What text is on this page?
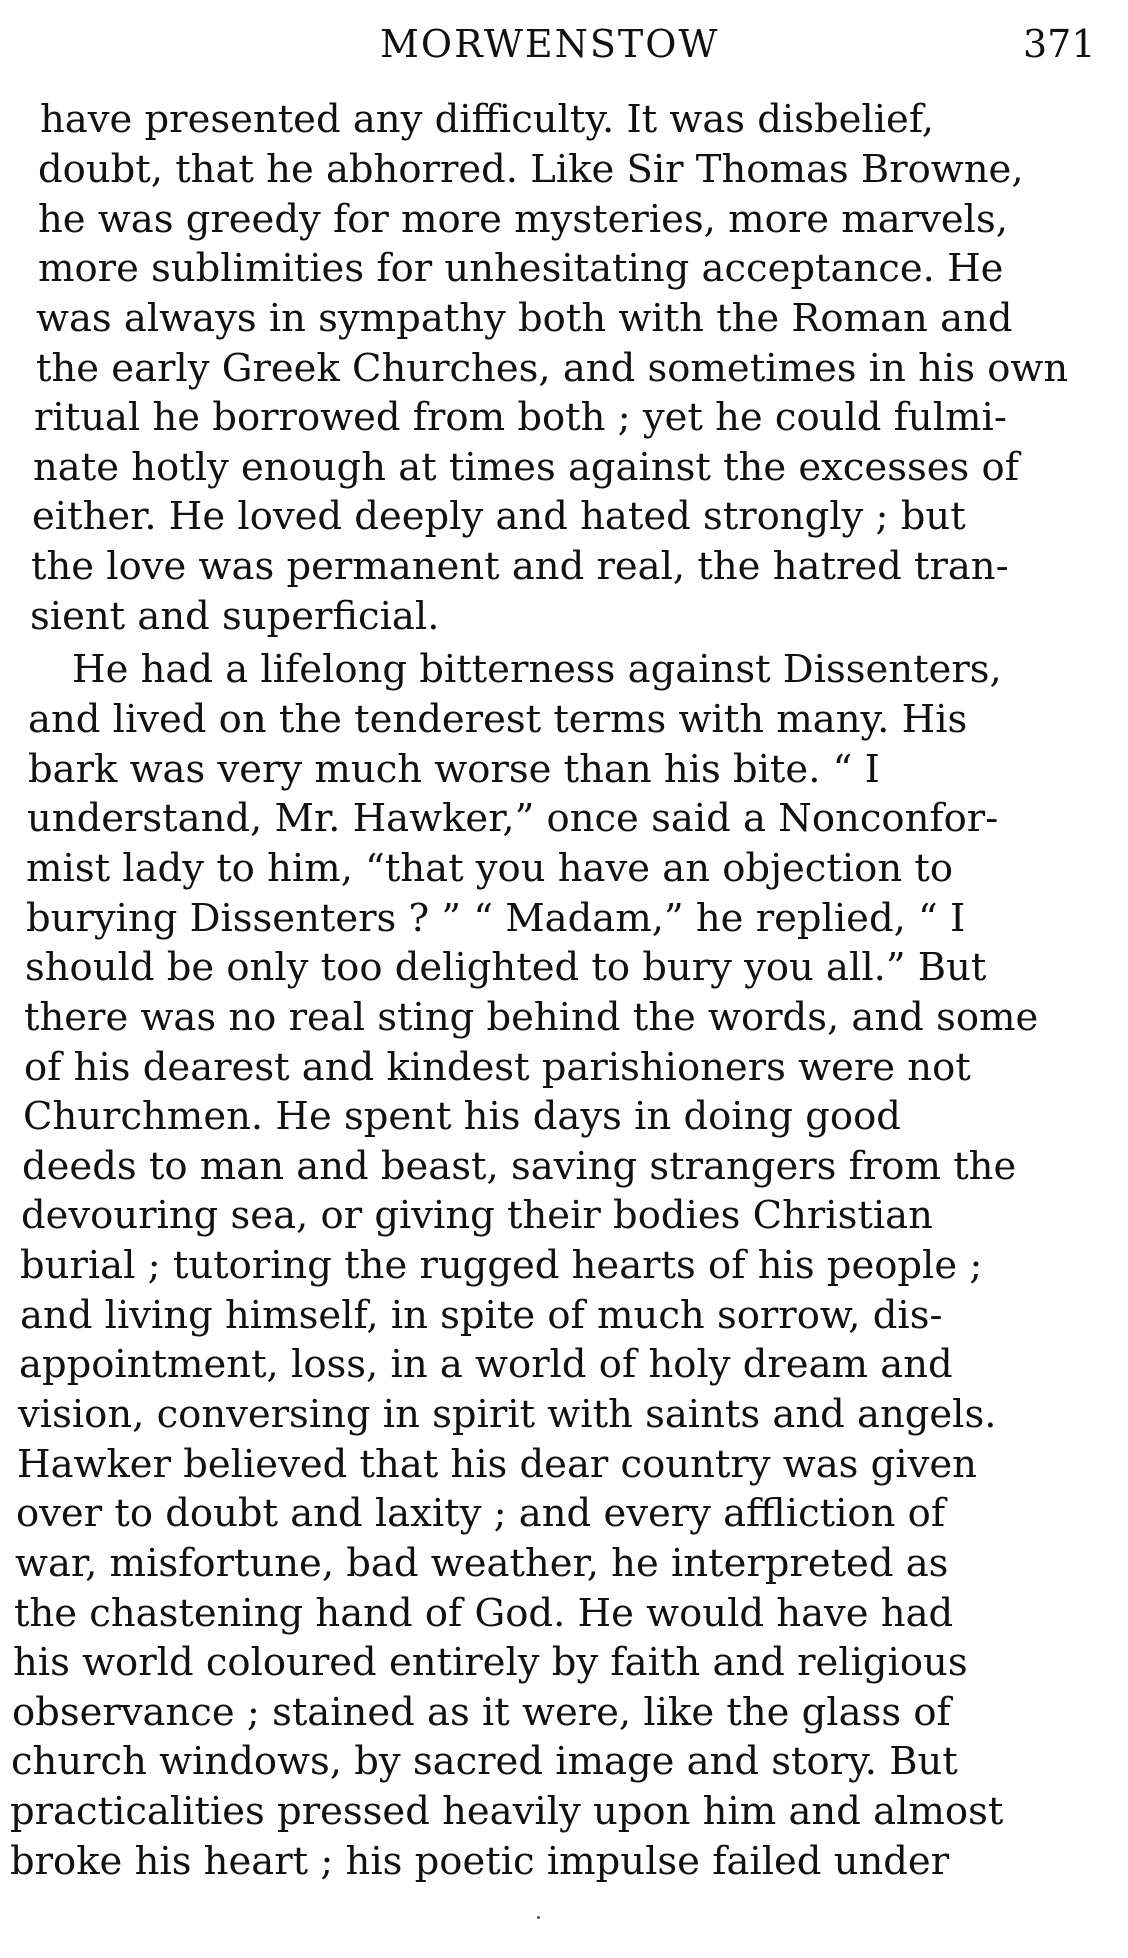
MORWENSTOW	371
have presented any difficulty. It was disbelief,
doubt, that he abhorred. Like Sir Thomas Browne,
he was greedy for more mysteries, more marvels,
more sublimities for unhesitating acceptance. He
was always in sympathy both with the Roman and
the early Greek Churches, and sometimes in his own
ritual he borrowed from both ; yet he could fulmi-
nate hotly enough at times against the excesses of
either. He loved deeply and hated strongly ; but
the love was permanent and real, the hatred tran-
sient and superficial.
He had a lifelong bitterness against Dissenters,
and lived on the tenderest terms with many. His
bark was very much worse than his bite. “ I
understand, Mr. Hawker,” once said a Nonconfor-
mist lady to him, “that you have an objection to
burying Dissenters ? ” “ Madam,” he replied, “ I
should be only too delighted to bury you all.” But
there was no real sting behind the words, and some
of his dearest and kindest parishioners were not
Churchmen. He spent his days in doing good
deeds to man and beast, saving strangers from the
devouring sea, or giving their bodies Christian
burial ; tutoring the rugged hearts of his people ;
and living himself, in spite of much sorrow, dis-
appointment, loss, in a world of holy dream and
vision, conversing in spirit with saints and angels.
Hawker believed that his dear country was given
over to doubt and laxity ; and every affliction of
war, misfortune, bad weather, he interpreted as
the chastening hand of God. He would have had
his world coloured entirely by faith and religious
observance ; stained as it were, like the glass of
church windows, by sacred image and story. But
practicalities pressed heavily upon him and almost
broke his heart ; his poetic impulse failed under
